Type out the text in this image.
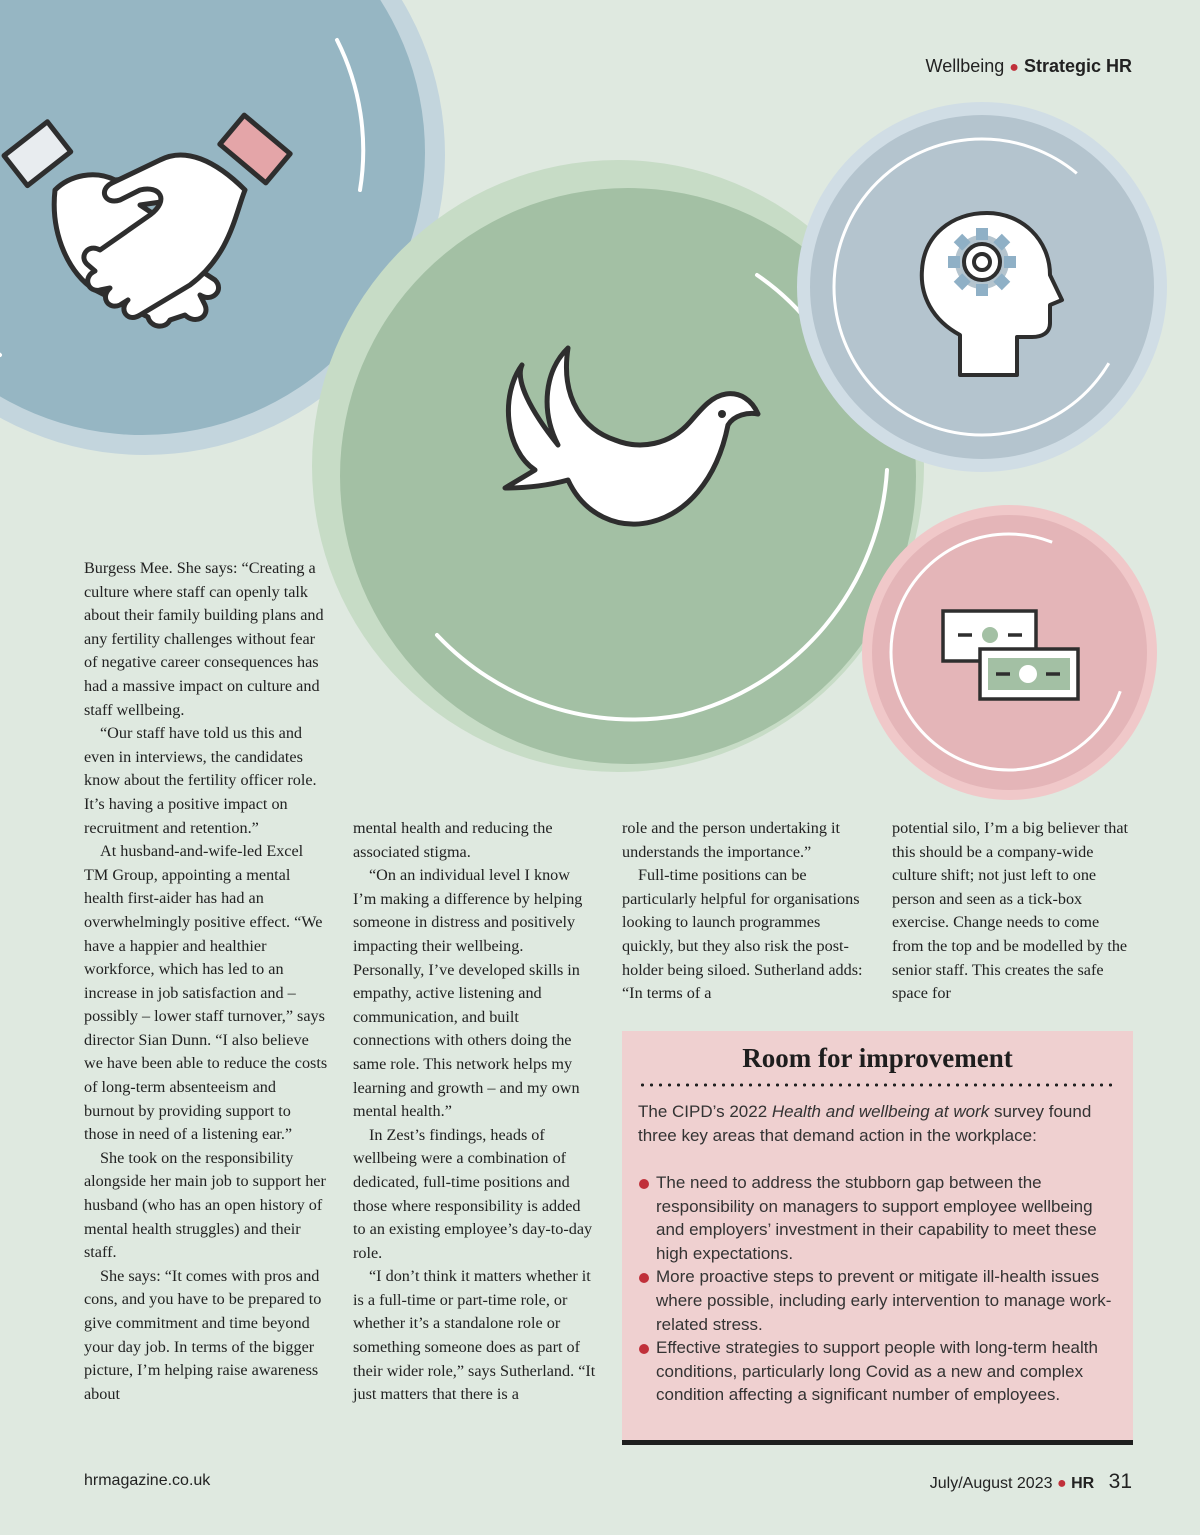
Wellbeing ● Strategic HR

Burgess Mee. She says: “Creating a culture where staff can openly talk about their family building plans and any fertility challenges without fear of negative career consequences has had a massive impact on culture and staff wellbeing.

“Our staff have told us this and even in interviews, the candidates know about the fertility officer role. It’s having a positive impact on recruitment and retention.”

At husband-and-wife-led Excel TM Group, appointing a mental health first-aider has had an overwhelmingly positive effect. “We have a happier and healthier workforce, which has led to an increase in job satisfaction and – possibly – lower staff turnover,” says director Sian Dunn. “I also believe we have been able to reduce the costs of long-term absenteeism and burnout by providing support to those in need of a listening ear.”

She took on the responsibility alongside her main job to support her husband (who has an open history of mental health struggles) and their staff.

She says: “It comes with pros and cons, and you have to be prepared to give commitment and time beyond your day job. In terms of the bigger picture, I’m helping raise awareness about

mental health and reducing the associated stigma.

“On an individual level I know I’m making a difference by helping someone in distress and positively impacting their wellbeing. Personally, I’ve developed skills in empathy, active listening and communication, and built connections with others doing the same role. This network helps my learning and growth – and my own mental health.”

In Zest’s findings, heads of wellbeing were a combination of dedicated, full-time positions and those where responsibility is added to an existing employee’s day-to-day role.

“I don’t think it matters whether it is a full-time or part-time role, or whether it’s a standalone role or something someone does as part of their wider role,” says Sutherland. “It just matters that there is a

role and the person undertaking it understands the importance.”

Full-time positions can be particularly helpful for organisations looking to launch programmes quickly, but they also risk the post-holder being siloed. Sutherland adds: “In terms of a

potential silo, I’m a big believer that this should be a company-wide culture shift; not just left to one person and seen as a tick-box exercise. Change needs to come from the top and be modelled by the senior staff. This creates the safe space for

Room for improvement

The CIPD’s 2022 Health and wellbeing at work survey found three key areas that demand action in the workplace:

The need to address the stubborn gap between the responsibility on managers to support employee wellbeing and employers’ investment in their capability to meet these high expectations.
More proactive steps to prevent or mitigate ill-health issues where possible, including early intervention to manage work-related stress.
Effective strategies to support people with long-term health conditions, particularly long Covid as a new and complex condition affecting a significant number of employees.
hrmagazine.co.uk	July/August 2023 ● HR 31
